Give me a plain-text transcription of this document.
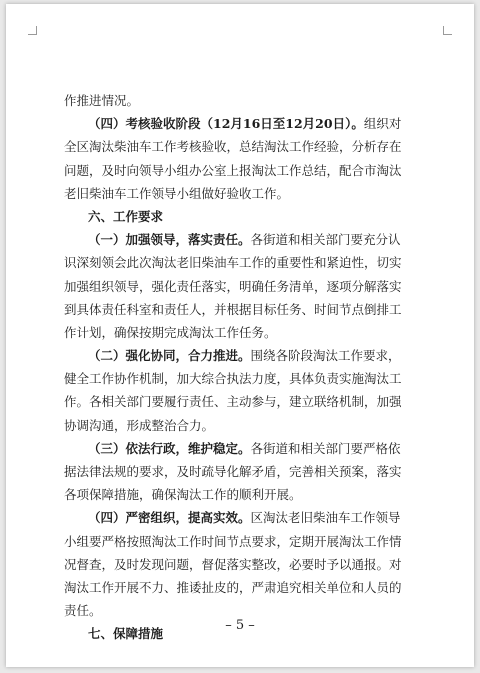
作推进情况。
（四）考核验收阶段（12月16日至12月20日）。组织对
全区淘汰柴油车工作考核验收，总结淘汰工作经验，分析存在
问题，及时向领导小组办公室上报淘汰工作总结，配合市淘汰
老旧柴油车工作领导小组做好验收工作。
六、工作要求
（一）加强领导，落实责任。各街道和相关部门要充分认
识深刻领会此次淘汰老旧柴油车工作的重要性和紧迫性，切实
加强组织领导，强化责任落实，明确任务清单，逐项分解落实
到具体责任科室和责任人，并根据目标任务、时间节点倒排工
作计划，确保按期完成淘汰工作任务。
（二）强化协同，合力推进。围绕各阶段淘汰工作要求，
健全工作协作机制，加大综合执法力度，具体负责实施淘汰工
作。各相关部门要履行责任、主动参与，建立联络机制，加强
协调沟通，形成整治合力。
（三）依法行政，维护稳定。各街道和相关部门要严格依
据法律法规的要求，及时疏导化解矛盾，完善相关预案，落实
各项保障措施，确保淘汰工作的顺利开展。
（四）严密组织，提高实效。区淘汰老旧柴油车工作领导
小组要严格按照淘汰工作时间节点要求，定期开展淘汰工作情
况督查，及时发现问题，督促落实整改，必要时予以通报。对
淘汰工作开展不力、推诿扯皮的，严肃追究相关单位和人员的
责任。
七、保障措施
– 5 –
